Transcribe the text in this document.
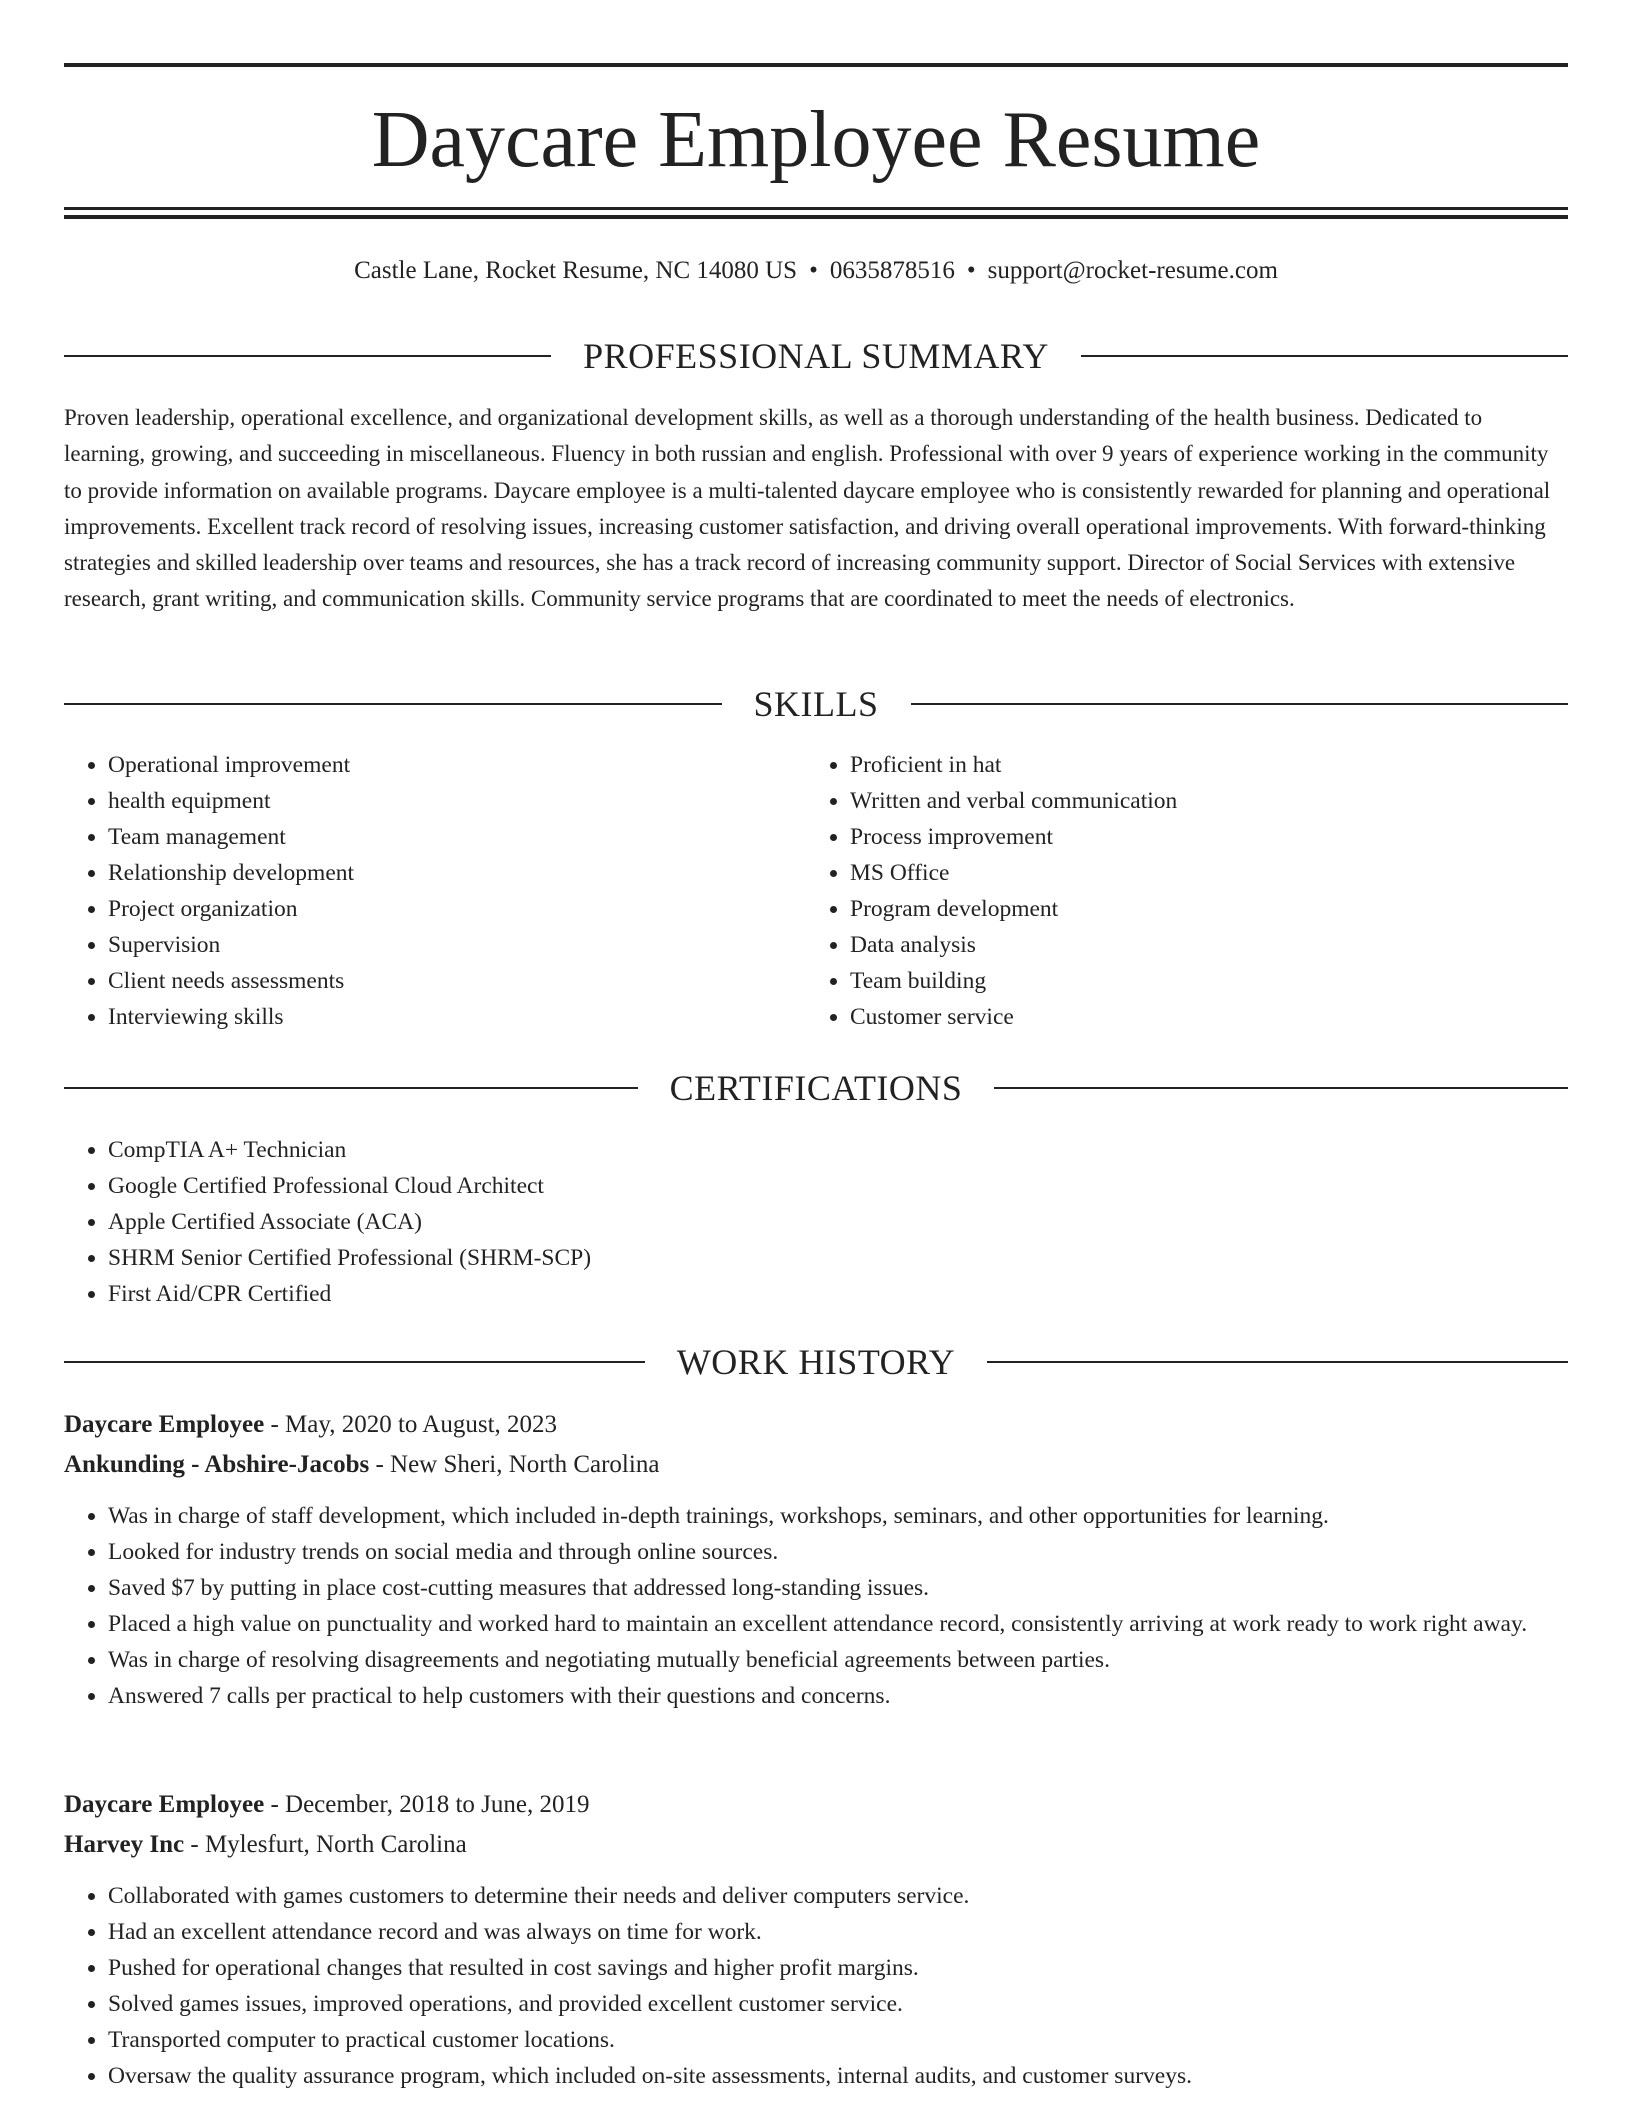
Daycare Employee Resume
Castle Lane, Rocket Resume, NC 14080 US • 0635878516 • support@rocket-resume.com
PROFESSIONAL SUMMARY

Proven leadership, operational excellence, and organizational development skills, as well as a thorough understanding of the health business. Dedicated to learning, growing, and succeeding in miscellaneous. Fluency in both russian and english. Professional with over 9 years of experience working in the community to provide information on available programs. Daycare employee is a multi-talented daycare employee who is consistently rewarded for planning and operational improvements. Excellent track record of resolving issues, increasing customer satisfaction, and driving overall operational improvements. With forward-thinking strategies and skilled leadership over teams and resources, she has a track record of increasing community support. Director of Social Services with extensive research, grant writing, and communication skills. Community service programs that are coordinated to meet the needs of electronics.

SKILLS
• Operational improvement
• health equipment
• Team management
• Relationship development
• Project organization
• Supervision
• Client needs assessments
• Interviewing skills
• Proficient in hat
• Written and verbal communication
• Process improvement
• MS Office
• Program development
• Data analysis
• Team building
• Customer service
CERTIFICATIONS
• CompTIA A+ Technician
• Google Certified Professional Cloud Architect
• Apple Certified Associate (ACA)
• SHRM Senior Certified Professional (SHRM-SCP)
• First Aid/CPR Certified
WORK HISTORY
Daycare Employee - May, 2020 to August, 2023
Ankunding - Abshire-Jacobs - New Sheri, North Carolina
• Was in charge of staff development, which included in-depth trainings, workshops, seminars, and other opportunities for learning.
• Looked for industry trends on social media and through online sources.
• Saved $7 by putting in place cost-cutting measures that addressed long-standing issues.
• Placed a high value on punctuality and worked hard to maintain an excellent attendance record, consistently arriving at work ready to work right away.
• Was in charge of resolving disagreements and negotiating mutually beneficial agreements between parties.
• Answered 7 calls per practical to help customers with their questions and concerns.
Daycare Employee - December, 2018 to June, 2019
Harvey Inc - Mylesfurt, North Carolina
• Collaborated with games customers to determine their needs and deliver computers service.
• Had an excellent attendance record and was always on time for work.
• Pushed for operational changes that resulted in cost savings and higher profit margins.
• Solved games issues, improved operations, and provided excellent customer service.
• Transported computer to practical customer locations.
• Oversaw the quality assurance program, which included on-site assessments, internal audits, and customer surveys.
